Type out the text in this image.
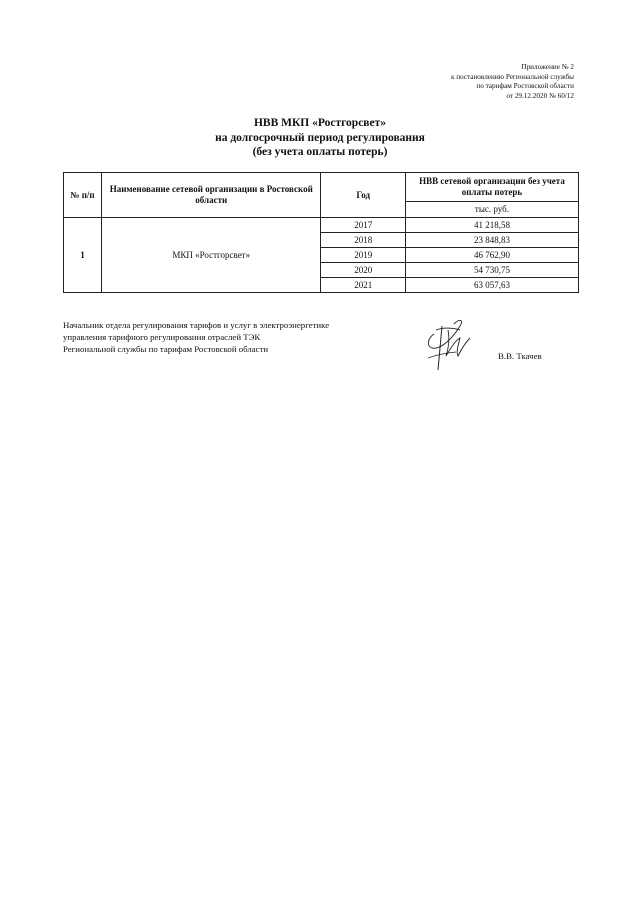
Приложение № 2
к постановлению Региональной службы
по тарифам Ростовской области
от 29.12.2020 № 60/12
НВВ МКП «Ростгорсвет»
на долгосрочный период регулирования
(без учета оплаты потерь)
№ п/п	Наименование сетевой организации в Ростовской области	Год	НВВ сетевой организации без учета оплаты потерь
			тыс. руб.
1	МКП «Ростгорсвет»	2017	41 218,58
		2018	23 848,83
		2019	46 762,90
		2020	54 730,75
		2021	63 057,63
Начальник отдела регулирования тарифов и услуг в электроэнергетике
управления тарифного регулирования отраслей ТЭК
Региональной службы по тарифам Ростовской области
В.В. Ткачев
